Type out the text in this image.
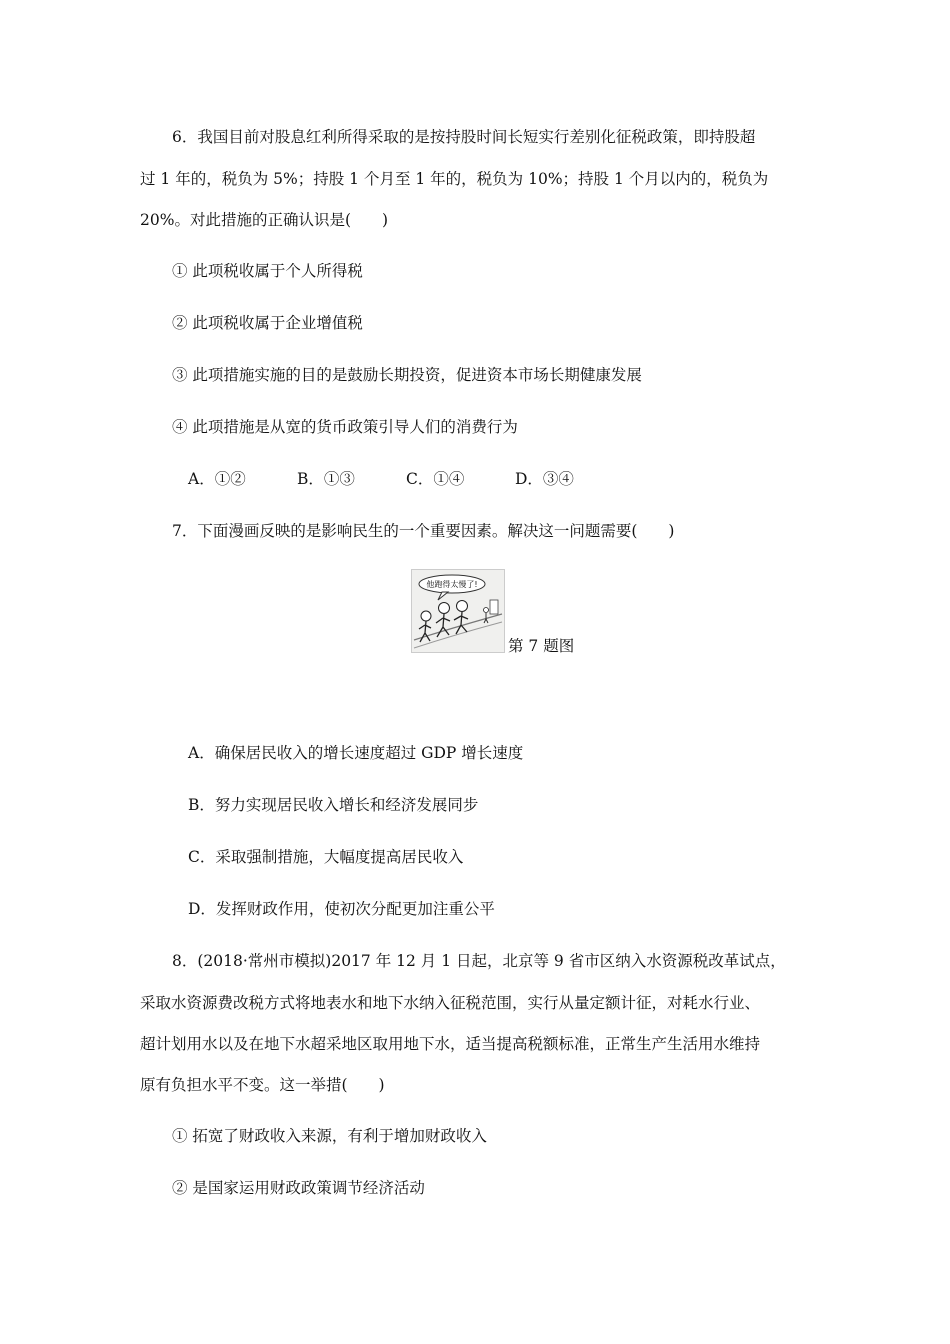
6．我国目前对股息红利所得采取的是按持股时间长短实行差别化征税政策，即持股超
过 1 年的，税负为 5%；持股 1 个月至 1 年的，税负为 10%；持股 1 个月以内的，税负为
20%。对此措施的正确认识是(　　)
① 此项税收属于个人所得税
② 此项税收属于企业增值税
③ 此项措施实施的目的是鼓励长期投资，促进资本市场长期健康发展
④ 此项措施是从宽的货币政策引导人们的消费行为
A．①②	B．①③	C．①④	D．③④
7．下面漫画反映的是影响民生的一个重要因素。解决这一问题需要(　　)
他跑得太慢了!
第 7 题图
A．确保居民收入的增长速度超过 GDP 增长速度
B．努力实现居民收入增长和经济发展同步
C．采取强制措施，大幅度提高居民收入
D．发挥财政作用，使初次分配更加注重公平
8．(2018·常州市模拟)2017 年 12 月 1 日起，北京等 9 省市区纳入水资源税改革试点，
采取水资源费改税方式将地表水和地下水纳入征税范围，实行从量定额计征，对耗水行业、
超计划用水以及在地下水超采地区取用地下水，适当提高税额标准，正常生产生活用水维持
原有负担水平不变。这一举措(　　)
① 拓宽了财政收入来源，有利于增加财政收入
② 是国家运用财政政策调节经济活动
